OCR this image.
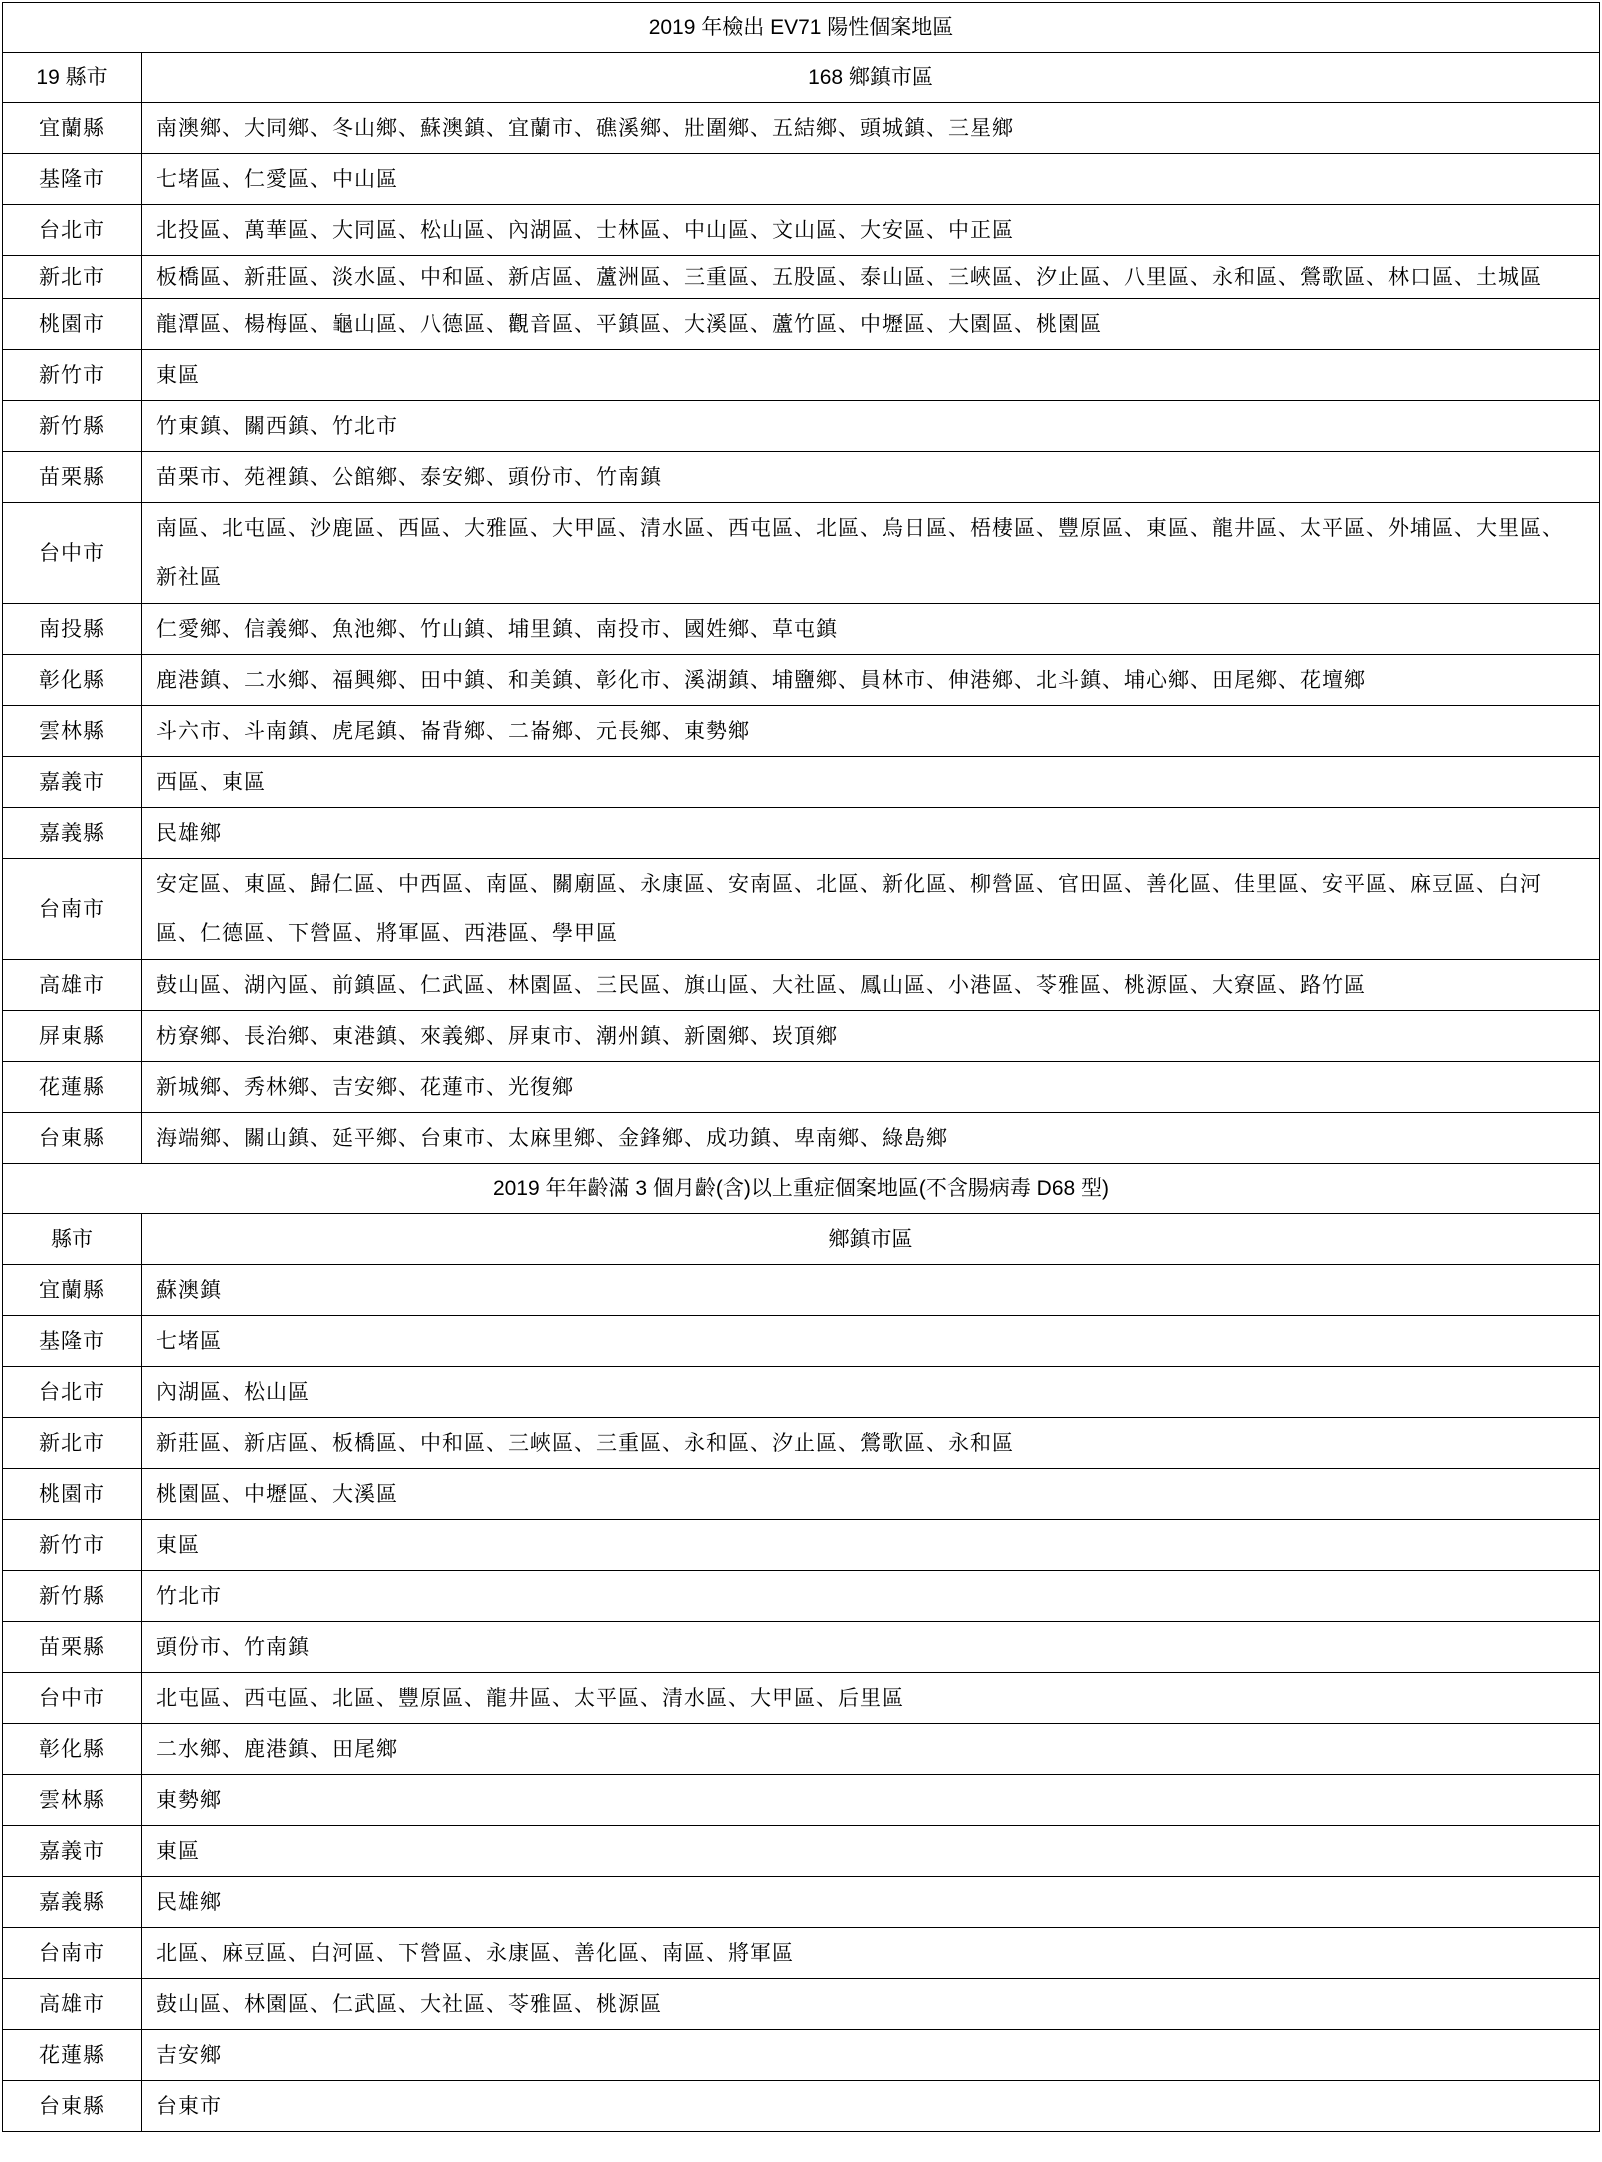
2019 年檢出 EV71 陽性個案地區	
19 縣市	168 鄉鎮市區
宜蘭縣	南澳鄉、大同鄉、冬山鄉、蘇澳鎮、宜蘭市、礁溪鄉、壯圍鄉、五結鄉、頭城鎮、三星鄉
基隆市	七堵區、仁愛區、中山區
台北市	北投區、萬華區、大同區、松山區、內湖區、士林區、中山區、文山區、大安區、中正區
新北市	板橋區、新莊區、淡水區、中和區、新店區、蘆洲區、三重區、五股區、泰山區、三峽區、汐止區、八里區、永和區、鶯歌區、林口區、土城區
桃園市	龍潭區、楊梅區、龜山區、八德區、觀音區、平鎮區、大溪區、蘆竹區、中壢區、大園區、桃園區
新竹市	東區
新竹縣	竹東鎮、關西鎮、竹北市
苗栗縣	苗栗市、苑裡鎮、公館鄉、泰安鄉、頭份市、竹南鎮
台中市	南區、北屯區、沙鹿區、西區、大雅區、大甲區、清水區、西屯區、北區、烏日區、梧棲區、豐原區、東區、龍井區、太平區、外埔區、大里區、新社區
南投縣	仁愛鄉、信義鄉、魚池鄉、竹山鎮、埔里鎮、南投市、國姓鄉、草屯鎮
彰化縣	鹿港鎮、二水鄉、福興鄉、田中鎮、和美鎮、彰化市、溪湖鎮、埔鹽鄉、員林市、伸港鄉、北斗鎮、埔心鄉、田尾鄉、花壇鄉
雲林縣	斗六市、斗南鎮、虎尾鎮、崙背鄉、二崙鄉、元長鄉、東勢鄉
嘉義市	西區、東區
嘉義縣	民雄鄉
台南市	安定區、東區、歸仁區、中西區、南區、關廟區、永康區、安南區、北區、新化區、柳營區、官田區、善化區、佳里區、安平區、麻豆區、白河區、仁德區、下營區、將軍區、西港區、學甲區
高雄市	鼓山區、湖內區、前鎮區、仁武區、林園區、三民區、旗山區、大社區、鳳山區、小港區、苓雅區、桃源區、大寮區、路竹區
屏東縣	枋寮鄉、長治鄉、東港鎮、來義鄉、屏東市、潮州鎮、新園鄉、崁頂鄉
花蓮縣	新城鄉、秀林鄉、吉安鄉、花蓮市、光復鄉
台東縣	海端鄉、關山鎮、延平鄉、台東市、太麻里鄉、金鋒鄉、成功鎮、卑南鄉、綠島鄉
2019 年年齡滿 3 個月齡(含)以上重症個案地區(不含腸病毒 D68 型)	
縣市	鄉鎮市區
宜蘭縣	蘇澳鎮
基隆市	七堵區
台北市	內湖區、松山區
新北市	新莊區、新店區、板橋區、中和區、三峽區、三重區、永和區、汐止區、鶯歌區、永和區
桃園市	桃園區、中壢區、大溪區
新竹市	東區
新竹縣	竹北市
苗栗縣	頭份市、竹南鎮
台中市	北屯區、西屯區、北區、豐原區、龍井區、太平區、清水區、大甲區、后里區
彰化縣	二水鄉、鹿港鎮、田尾鄉
雲林縣	東勢鄉
嘉義市	東區
嘉義縣	民雄鄉
台南市	北區、麻豆區、白河區、下營區、永康區、善化區、南區、將軍區
高雄市	鼓山區、林園區、仁武區、大社區、苓雅區、桃源區
花蓮縣	吉安鄉
台東縣	台東市
